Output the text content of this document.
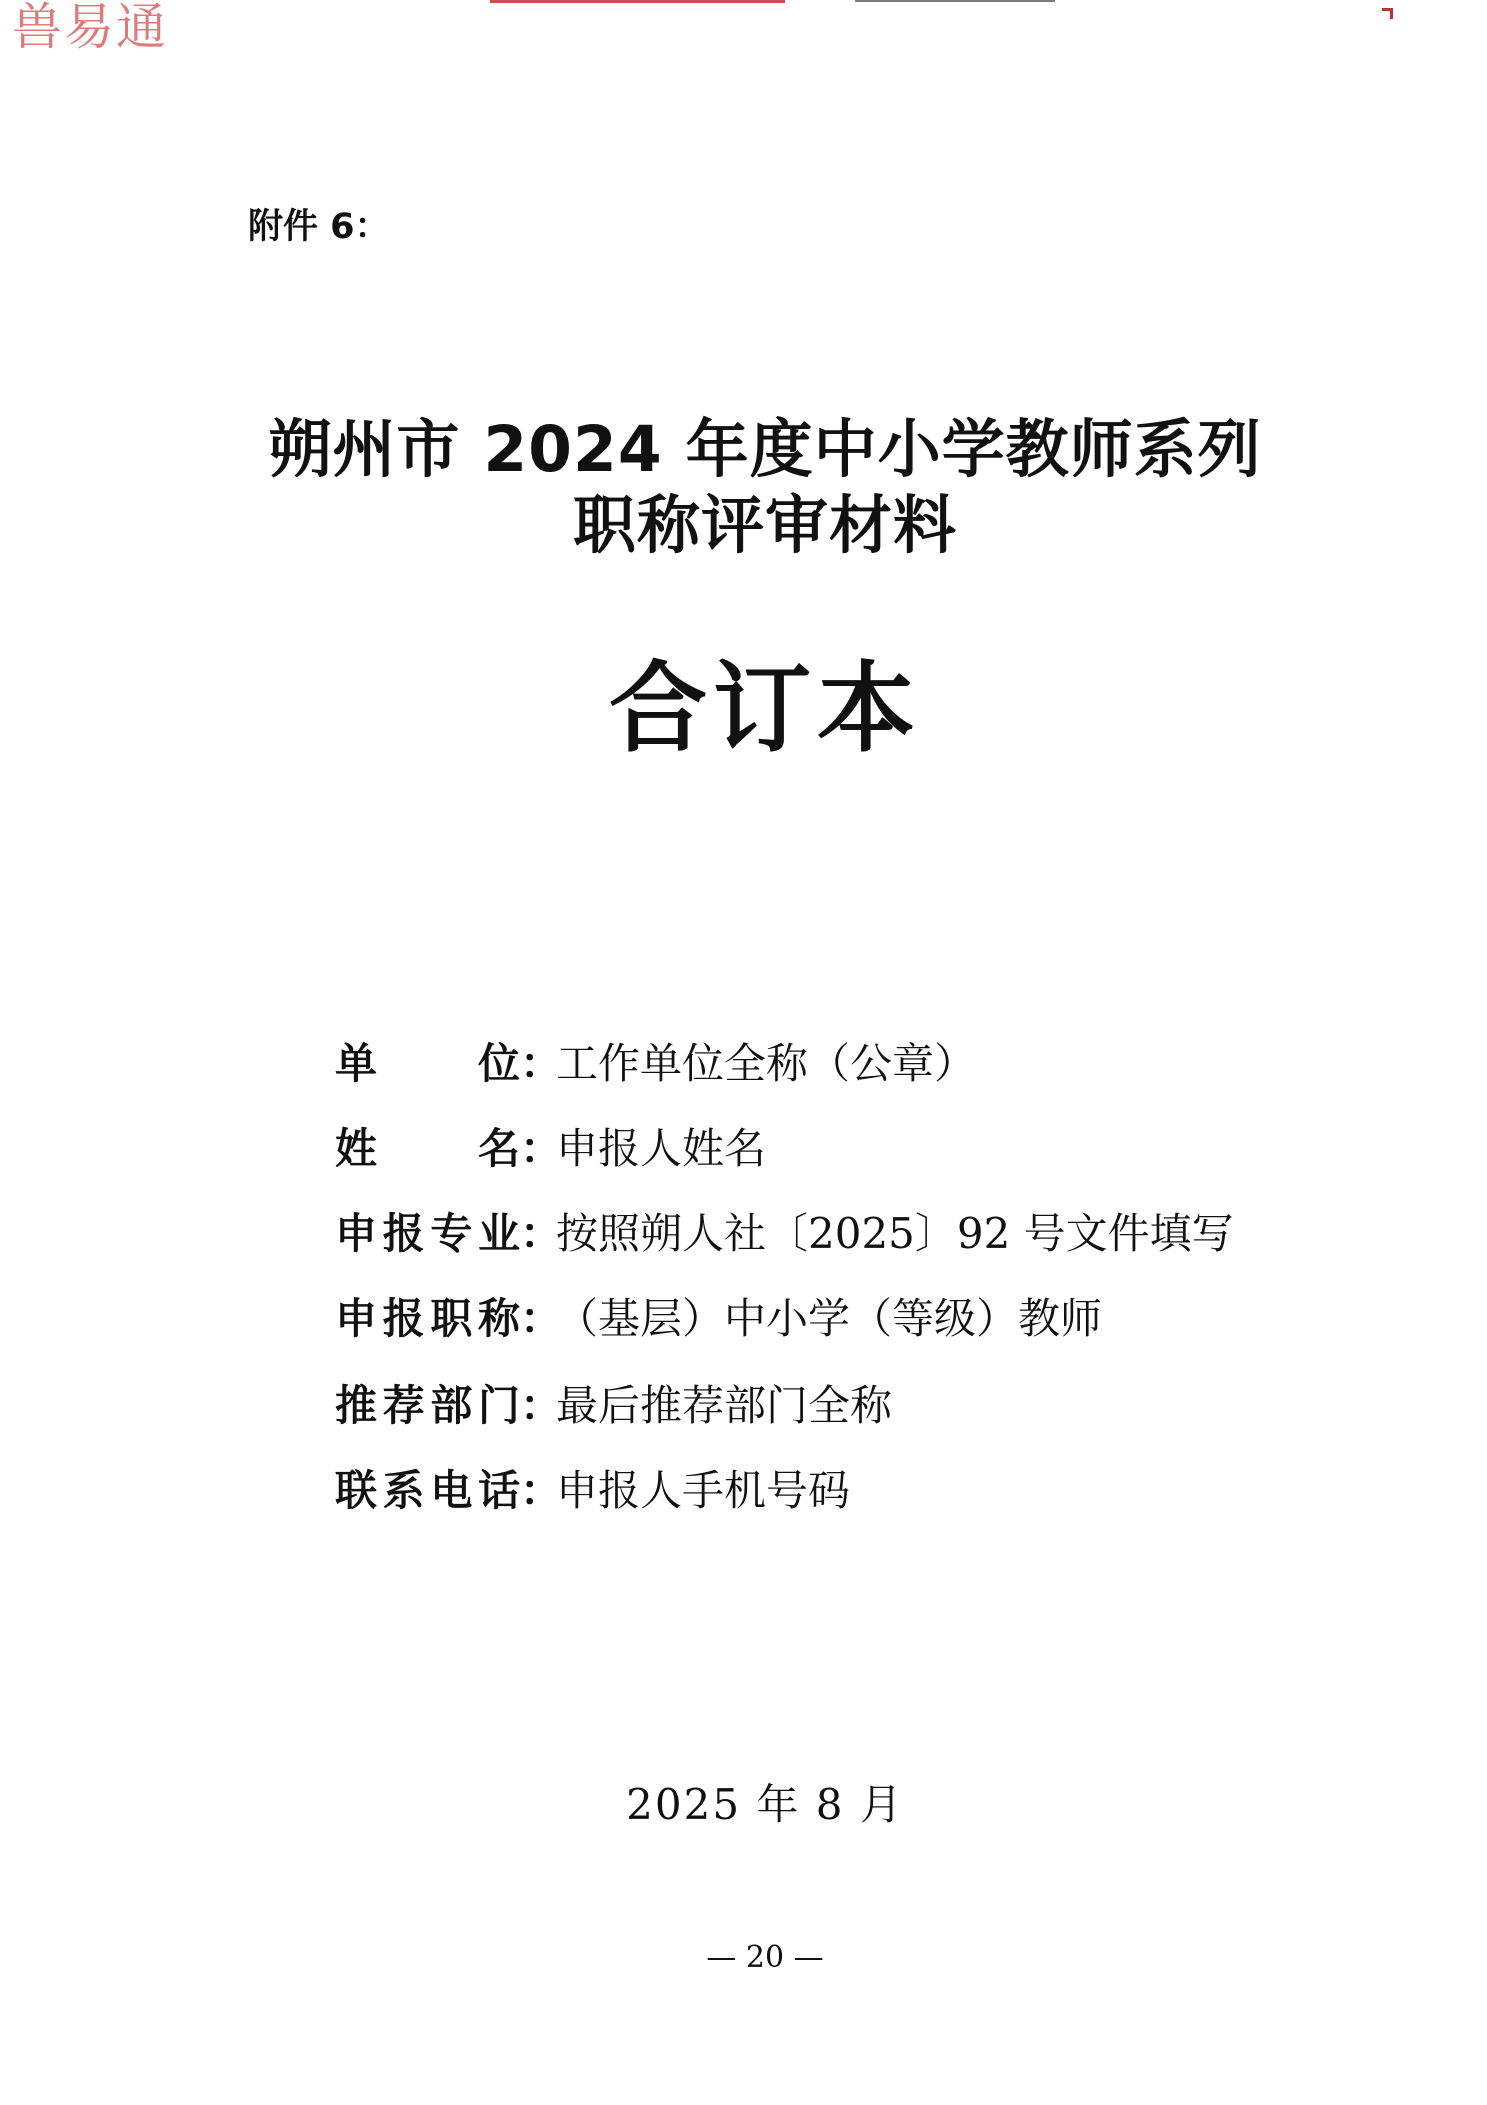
兽易通
附件 6：
朔州市 2024 年度中小学教师系列
职称评审材料
合订本
单位 ：
工作单位全称（公章）
姓名 ：
申报人姓名
申报专业 ：
按照朔人社〔2025〕92 号文件填写
申报职称 ：
（基层）中小学（等级）教师
推荐部门 ：
最后推荐部门全称
联系电话 ：
申报人手机号码
2025 年 8 月
— 20 —
